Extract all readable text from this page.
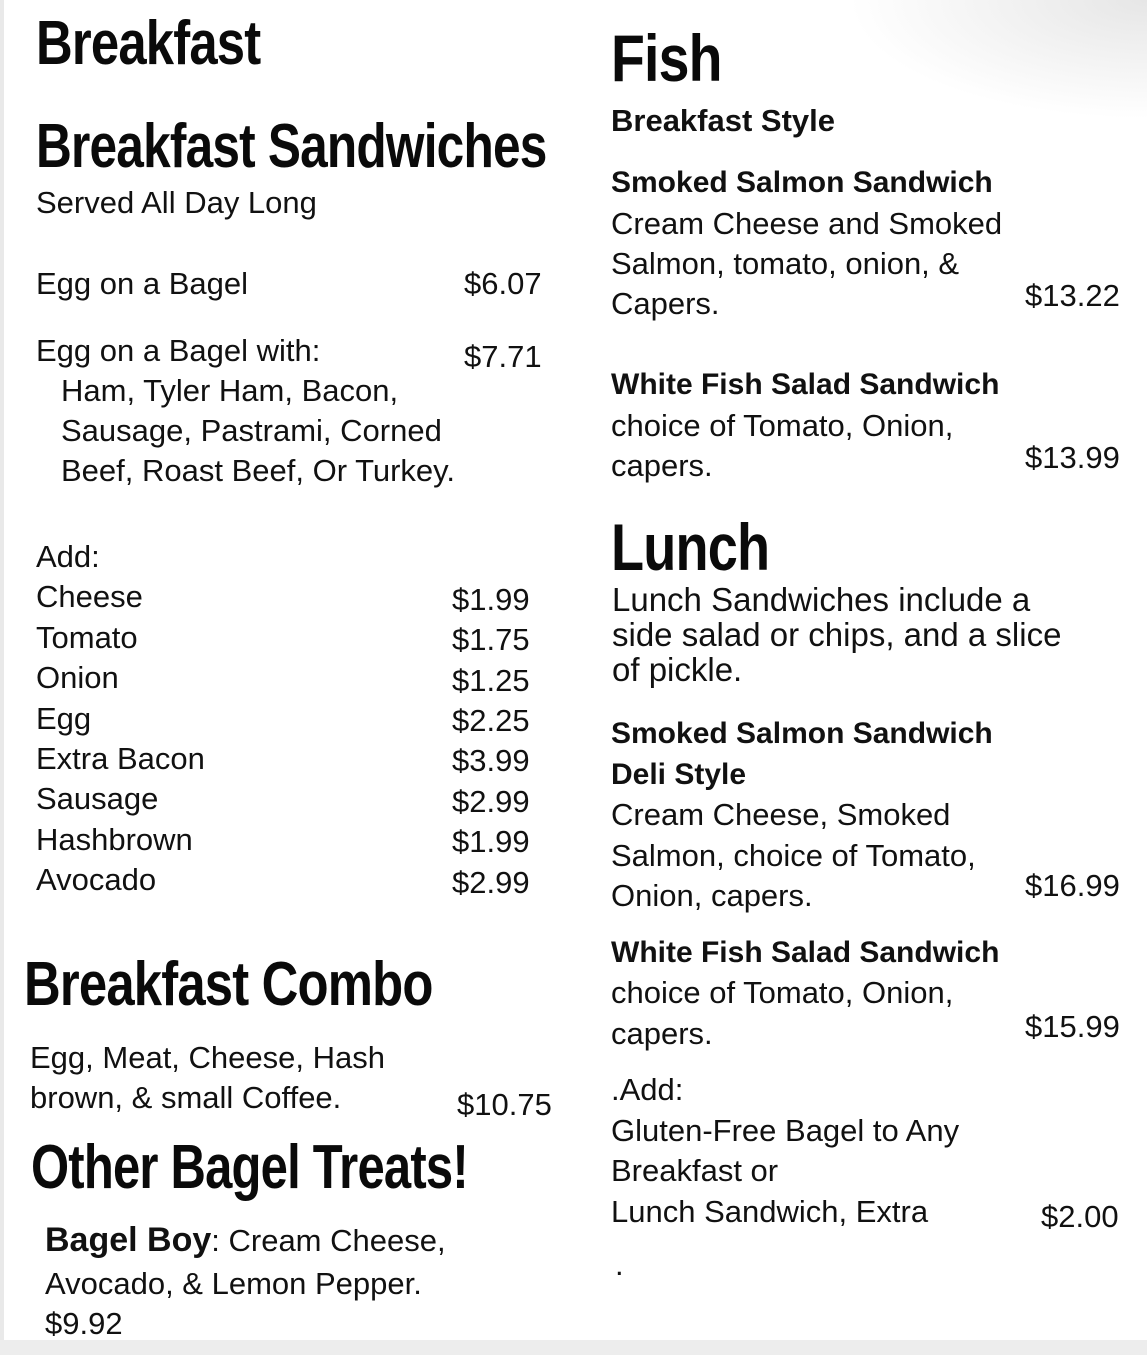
Breakfast
Breakfast Sandwiches
Served All Day Long
Egg on a Bagel	$6.07
Egg on a Bagel with:	$7.71
Ham, Tyler Ham, Bacon,
Sausage, Pastrami, Corned
Beef, Roast Beef, Or Turkey.
Add:
Cheese	$1.99
Tomato	$1.75
Onion	$1.25
Egg	$2.25
Extra Bacon	$3.99
Sausage	$2.99
Hashbrown	$1.99
Avocado	$2.99
Breakfast Combo
Egg, Meat, Cheese, Hash
brown, & small Coffee.	$10.75
Other Bagel Treats!
Bagel Boy: Cream Cheese,
Avocado, & Lemon Pepper.
$9.92
Fish
Breakfast Style
Smoked Salmon Sandwich
Cream Cheese and Smoked
Salmon, tomato, onion, &
Capers.	$13.22
White Fish Salad Sandwich
choice of Tomato, Onion,
capers.	$13.99
Lunch
Lunch Sandwiches include a
side salad or chips, and a slice
of pickle.
Smoked Salmon Sandwich
Deli Style
Cream Cheese, Smoked
Salmon, choice of Tomato,
Onion, capers.	$16.99
White Fish Salad Sandwich
choice of Tomato, Onion,
capers.	$15.99
.Add:
Gluten-Free Bagel to Any
Breakfast or
Lunch Sandwich, Extra	$2.00
.
